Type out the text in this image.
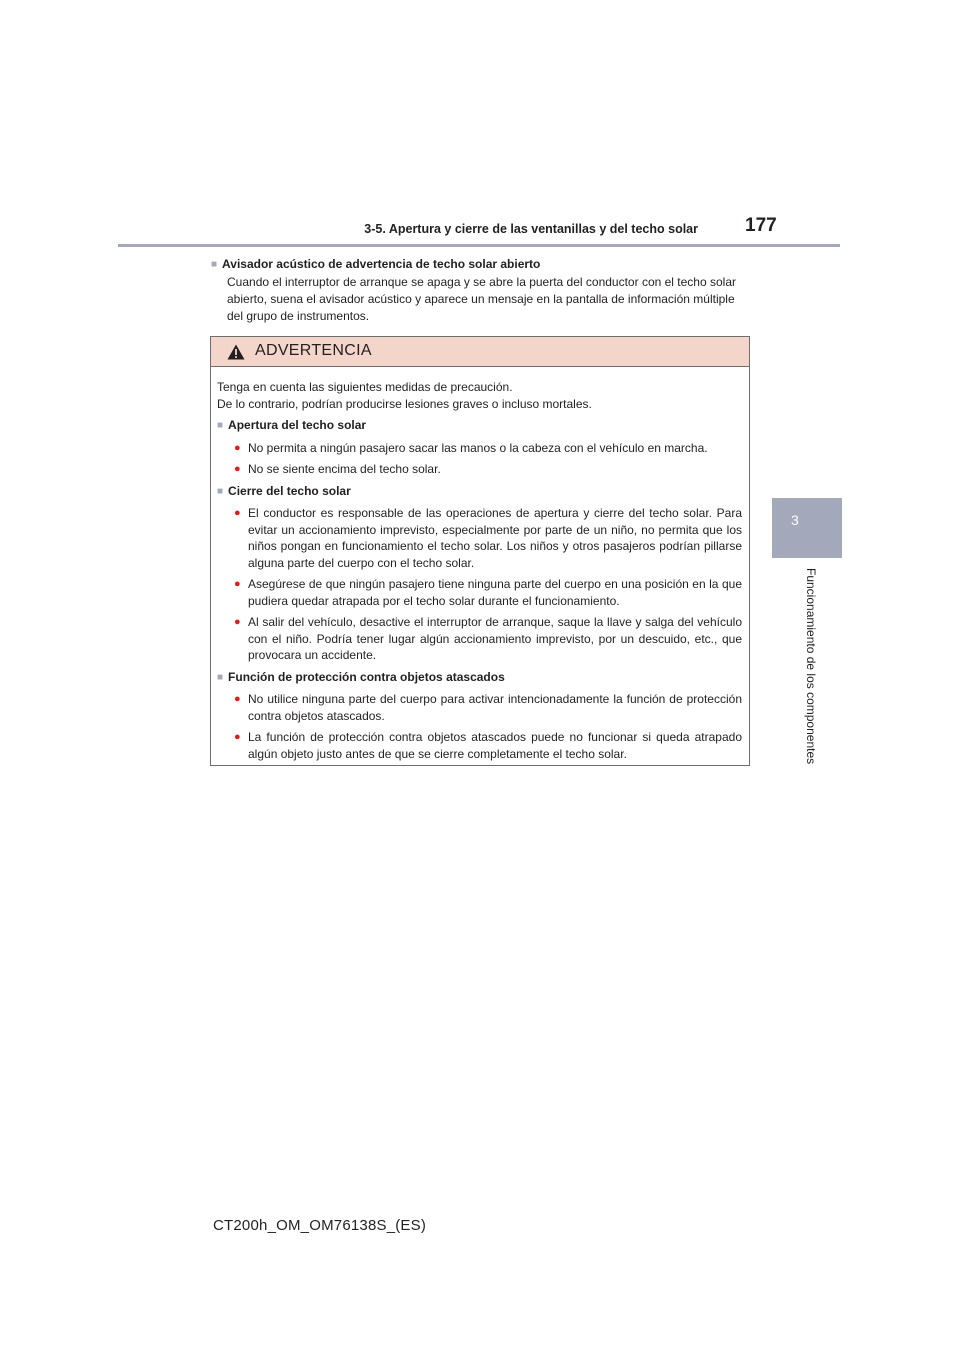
3-5. Apertura y cierre de las ventanillas y del techo solar 177
3
Funcionamiento de los componentes
■ Avisador acústico de advertencia de techo solar abierto
Cuando el interruptor de arranque se apaga y se abre la puerta del conductor con el techo solar abierto, suena el avisador acústico y aparece un mensaje en la pantalla de información múltiple del grupo de instrumentos.
ADVERTENCIA
Tenga en cuenta las siguientes medidas de precaución.
De lo contrario, podrían producirse lesiones graves o incluso mortales.
■ Apertura del techo solar
● No permita a ningún pasajero sacar las manos o la cabeza con el vehículo en marcha.
● No se siente encima del techo solar.
■ Cierre del techo solar
● El conductor es responsable de las operaciones de apertura y cierre del techo solar. Para evitar un accionamiento imprevisto, especialmente por parte de un niño, no permita que los niños pongan en funcionamiento el techo solar. Los niños y otros pasajeros podrían pillarse alguna parte del cuerpo con el techo solar.
● Asegúrese de que ningún pasajero tiene ninguna parte del cuerpo en una posición en la que pudiera quedar atrapada por el techo solar durante el funcionamiento.
● Al salir del vehículo, desactive el interruptor de arranque, saque la llave y salga del vehículo con el niño. Podría tener lugar algún accionamiento imprevisto, por un descuido, etc., que provocara un accidente.
■ Función de protección contra objetos atascados
● No utilice ninguna parte del cuerpo para activar intencionadamente la función de protección contra objetos atascados.
● La función de protección contra objetos atascados puede no funcionar si queda atrapado algún objeto justo antes de que se cierre completamente el techo solar.
CT200h_OM_OM76138S_(ES)
